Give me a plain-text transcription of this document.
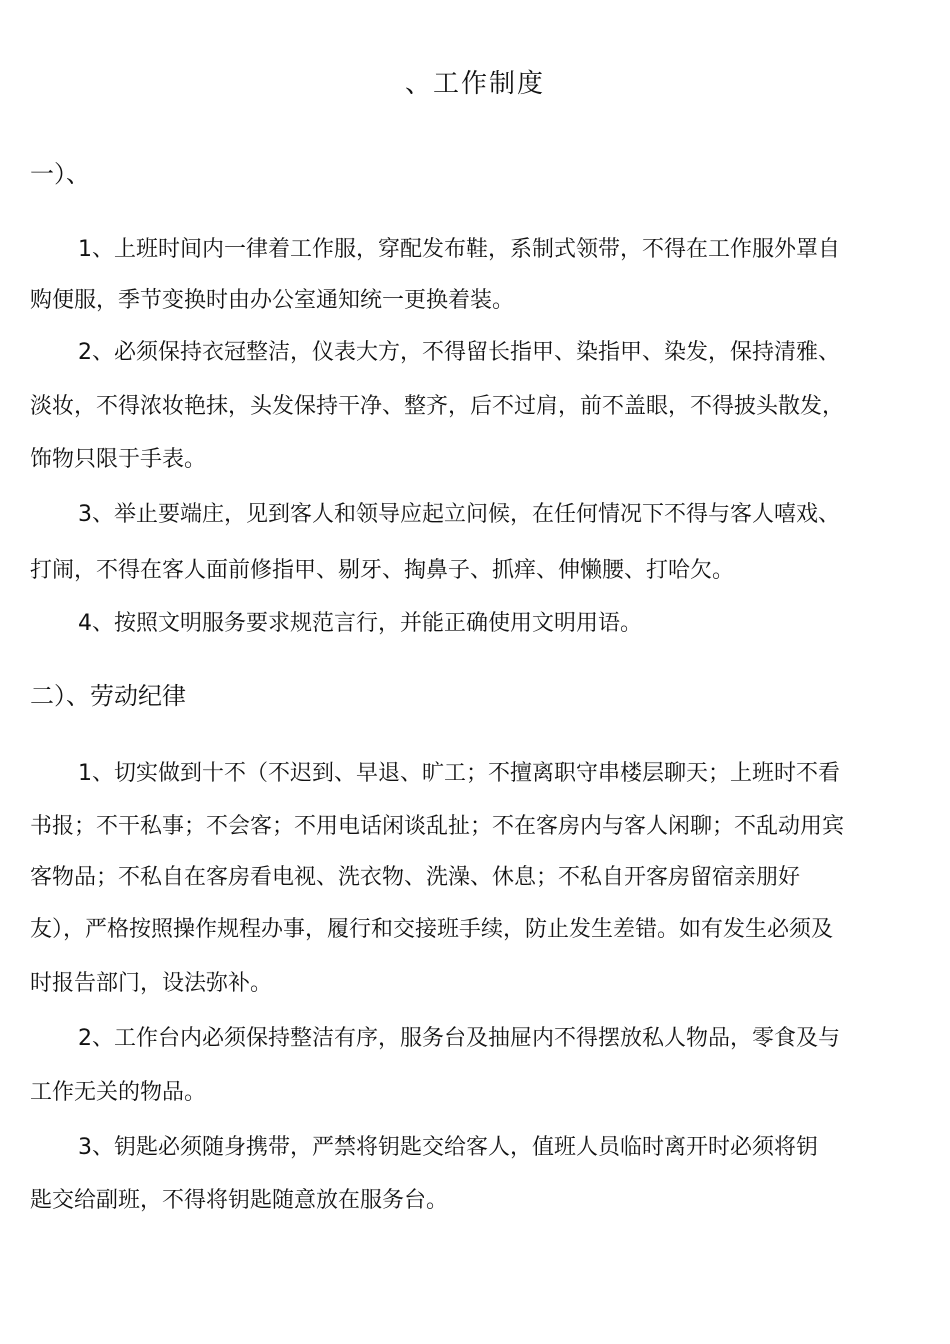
、工作制度
一）、
1、上班时间内一律着工作服，穿配发布鞋，系制式领带，不得在工作服外罩自
购便服，季节变换时由办公室通知统一更换着装。
2、必须保持衣冠整洁，仪表大方，不得留长指甲、染指甲、染发，保持清雅、
淡妆，不得浓妆艳抹，头发保持干净、整齐，后不过肩，前不盖眼，不得披头散发，
饰物只限于手表。
3、举止要端庄，见到客人和领导应起立问候，在任何情况下不得与客人嘻戏、
打闹，不得在客人面前修指甲、剔牙、掏鼻子、抓痒、伸懒腰、打哈欠。
4、按照文明服务要求规范言行，并能正确使用文明用语。
二）、劳动纪律
1、切实做到十不（不迟到、早退、旷工；不擅离职守串楼层聊天；上班时不看
书报；不干私事；不会客；不用电话闲谈乱扯；不在客房内与客人闲聊；不乱动用宾
客物品；不私自在客房看电视、洗衣物、洗澡、休息；不私自开客房留宿亲朋好
友），严格按照操作规程办事，履行和交接班手续，防止发生差错。如有发生必须及
时报告部门，设法弥补。
2、工作台内必须保持整洁有序，服务台及抽屉内不得摆放私人物品，零食及与
工作无关的物品。
3、钥匙必须随身携带，严禁将钥匙交给客人，值班人员临时离开时必须将钥
匙交给副班，不得将钥匙随意放在服务台。
